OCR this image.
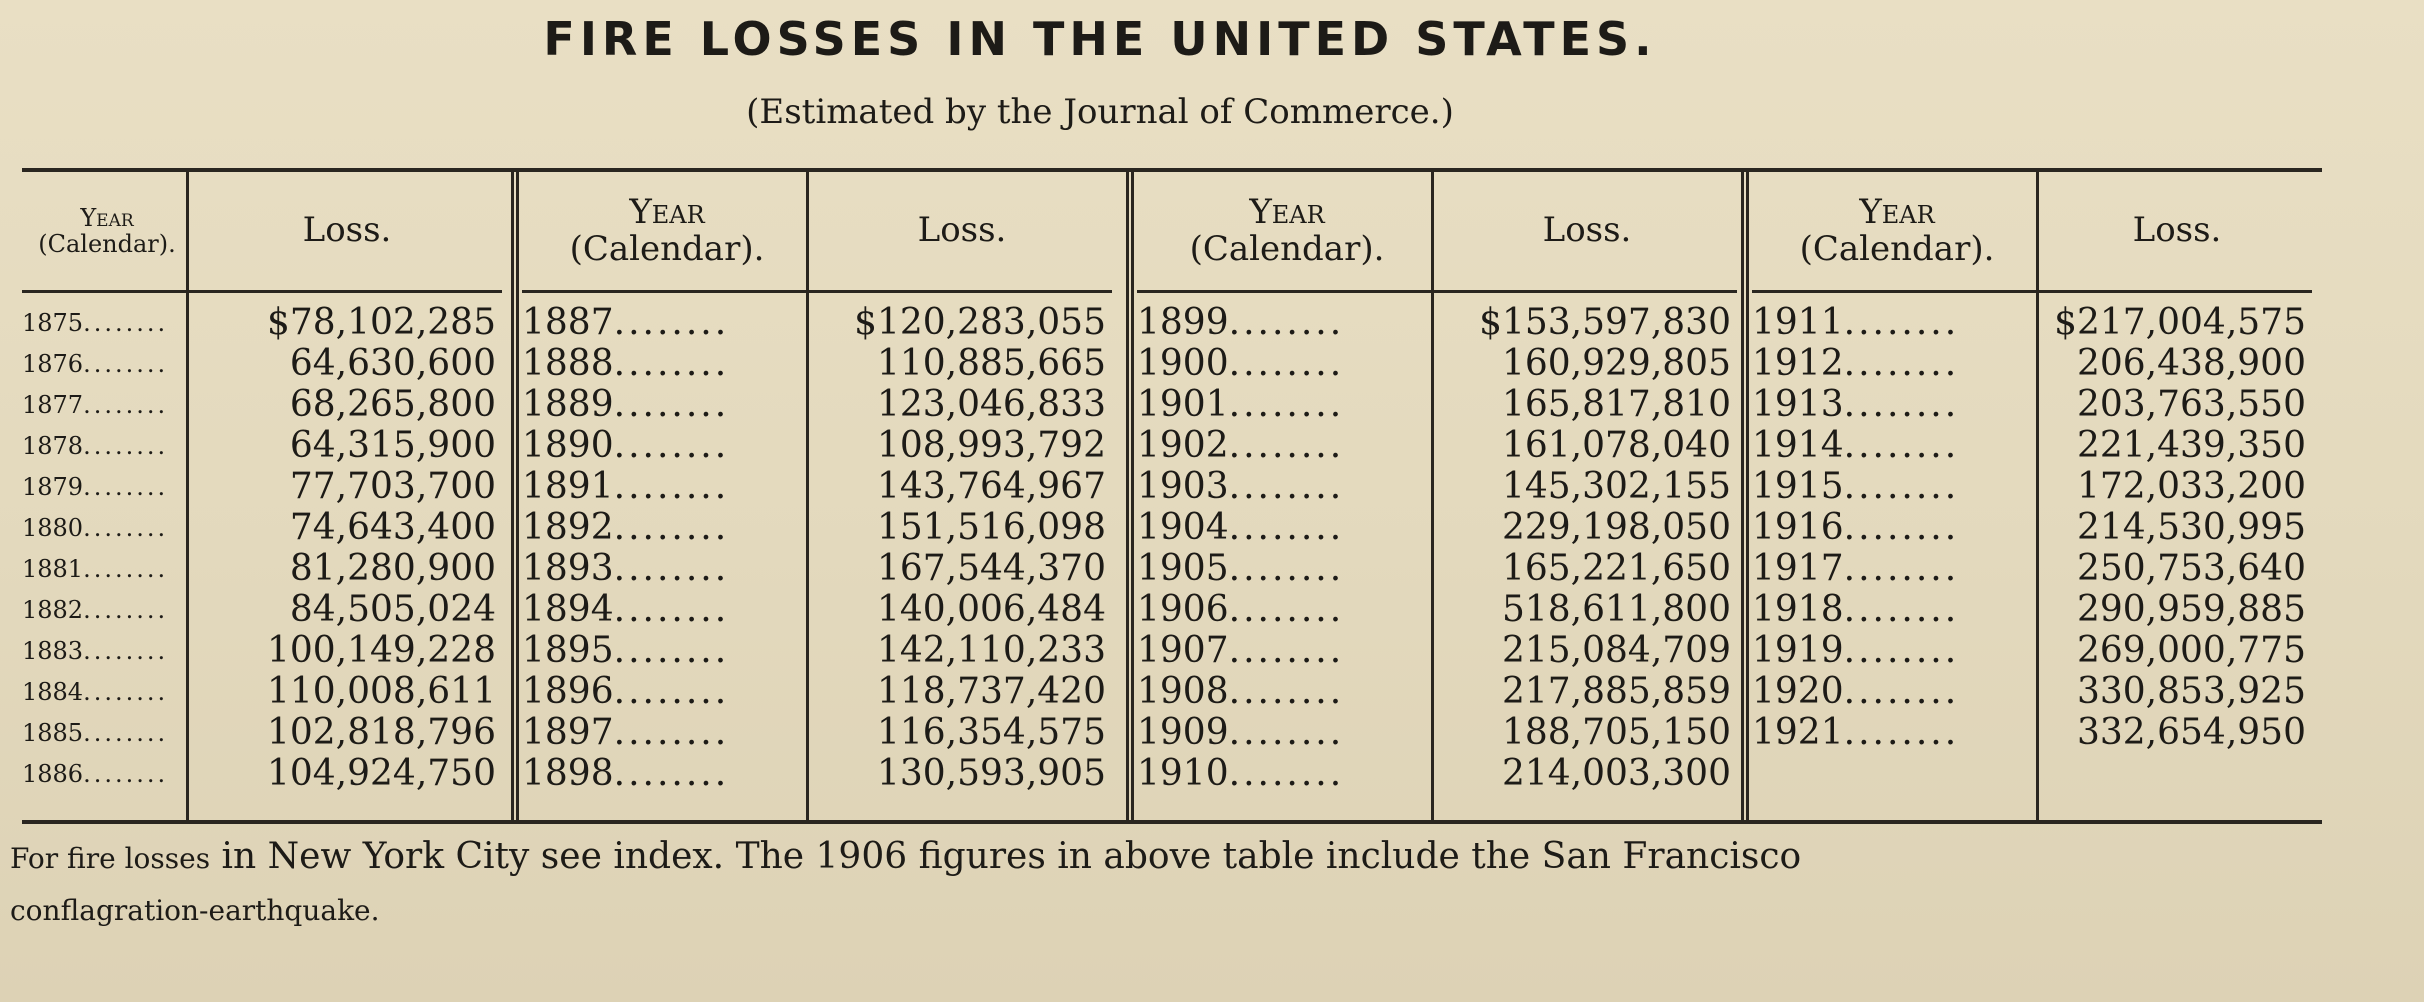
FIRE LOSSES IN THE UNITED STATES.
(Estimated by the Journal of Commerce.)
Year
(Calendar).	Loss.
1875........	$78,102,285
1876........	64,630,600
1877........	68,265,800
1878........	64,315,900
1879........	77,703,700
1880........	74,643,400
1881........	81,280,900
1882........	84,505,024
1883........	100,149,228
1884........	110,008,611
1885........	102,818,796
1886........	104,924,750
Year
(Calendar).	Loss.
1887........	$120,283,055
1888........	110,885,665
1889........	123,046,833
1890........	108,993,792
1891........	143,764,967
1892........	151,516,098
1893........	167,544,370
1894........	140,006,484
1895........	142,110,233
1896........	118,737,420
1897........	116,354,575
1898........	130,593,905
Year
(Calendar).	Loss.
1899........	$153,597,830
1900........	160,929,805
1901........	165,817,810
1902........	161,078,040
1903........	145,302,155
1904........	229,198,050
1905........	165,221,650
1906........	518,611,800
1907........	215,084,709
1908........	217,885,859
1909........	188,705,150
1910........	214,003,300
Year
(Calendar).	Loss.
1911........	$217,004,575
1912........	206,438,900
1913........	203,763,550
1914........	221,439,350
1915........	172,033,200
1916........	214,530,995
1917........	250,753,640
1918........	290,959,885
1919........	269,000,775
1920........	330,853,925
1921........	332,654,950
For fire losses in New York City see index. The 1906 figures in above table include the San Francisco
conflagration-earthquake.
